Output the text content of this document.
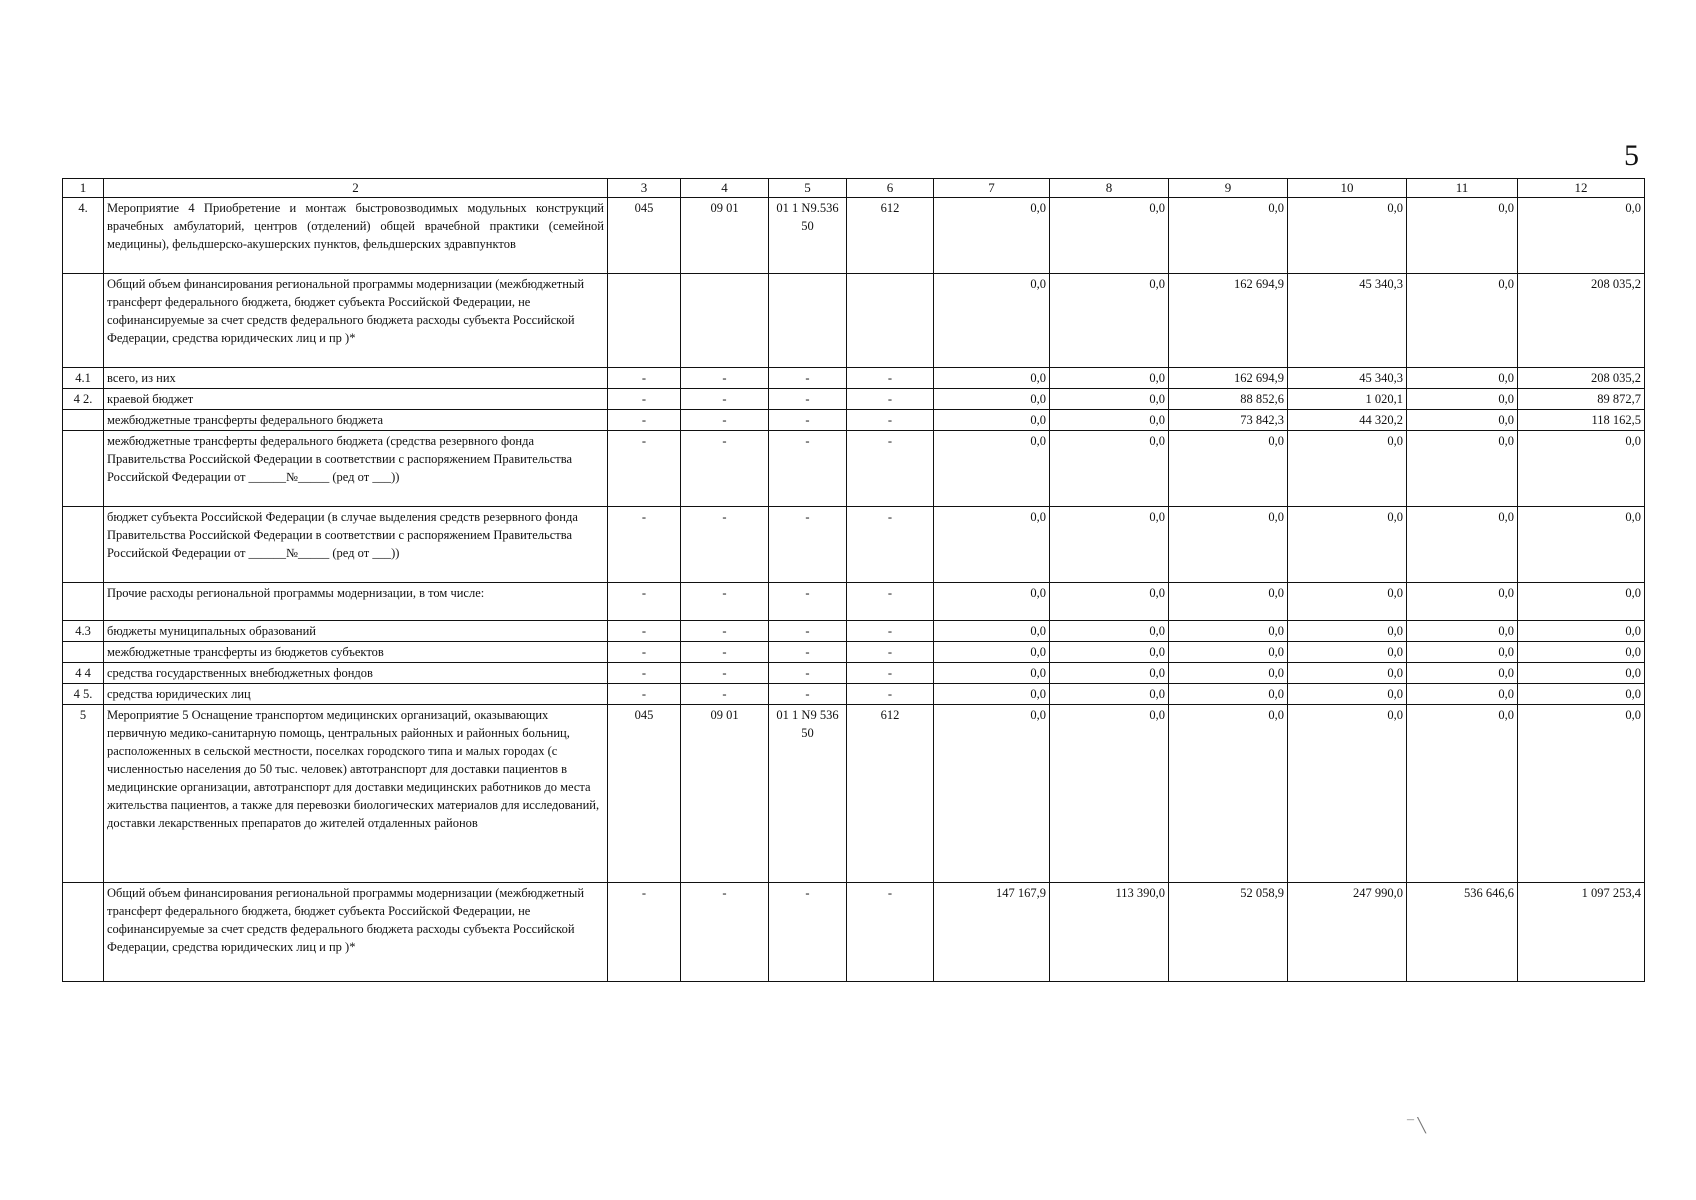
5
1	2	3	4	5	6	7	8	9	10	11	12
4.	Мероприятие 4 Приобретение и монтаж быстровозводимых модульных конструкций врачебных амбулаторий, центров (отделений) общей врачебной практики (семейной медицины), фельдшерско-акушерских пунктов, фельдшерских здравпунктов	045	09 01	01 1 N9.536 50	612	0,0	0,0	0,0	0,0	0,0	0,0
	Общий объем финансирования региональной программы модернизации (межбюджетный трансферт федерального бюджета, бюджет субъекта Российской Федерации, не софинансируемые за счет средств федерального бюджета расходы субъекта Российской Федерации, средства юридических лиц и пр )*					0,0	0,0	162 694,9	45 340,3	0,0	208 035,2
4.1	всего, из них	-	-	-	-	0,0	0,0	162 694,9	45 340,3	0,0	208 035,2
4 2.	краевой бюджет	-	-	-	-	0,0	0,0	88 852,6	1 020,1	0,0	89 872,7
	межбюджетные трансферты федерального бюджета	-	-	-	-	0,0	0,0	73 842,3	44 320,2	0,0	118 162,5
	межбюджетные трансферты федерального бюджета (средства резервного фонда Правительства Российской Федерации в соответствии с распоряжением Правительства Российской Федерации от ______№_____ (ред от ___))	-	-	-	-	0,0	0,0	0,0	0,0	0,0	0,0
	бюджет субъекта Российской Федерации (в случае выделения средств резервного фонда Правительства Российской Федерации в соответствии с распоряжением Правительства Российской Федерации от ______№_____ (ред от ___))	-	-	-	-	0,0	0,0	0,0	0,0	0,0	0,0
	Прочие расходы региональной программы модернизации, в том числе:	-	-	-	-	0,0	0,0	0,0	0,0	0,0	0,0
4.3	бюджеты муниципальных образований	-	-	-	-	0,0	0,0	0,0	0,0	0,0	0,0
	межбюджетные трансферты из бюджетов субъектов	-	-	-	-	0,0	0,0	0,0	0,0	0,0	0,0
4 4	средства государственных внебюджетных фондов	-	-	-	-	0,0	0,0	0,0	0,0	0,0	0,0
4 5.	средства юридических лиц	-	-	-	-	0,0	0,0	0,0	0,0	0,0	0,0
5	Мероприятие 5 Оснащение транспортом медицинских организаций, оказывающих первичную медико-санитарную помощь, центральных районных и районных больниц, расположенных в сельской местности, поселках городского типа и малых городах (с численностью населения до 50 тыс. человек) автотранспорт для доставки пациентов в медицинские организации, автотранспорт для доставки медицинских работников до места жительства пациентов, а также для перевозки биологических материалов для исследований, доставки лекарственных препаратов до жителей отдаленных районов	045	09 01	01 1 N9 536 50	612	0,0	0,0	0,0	0,0	0,0	0,0
	Общий объем финансирования региональной программы модернизации (межбюджетный трансферт федерального бюджета, бюджет субъекта Российской Федерации, не софинансируемые за счет средств федерального бюджета расходы субъекта Российской Федерации, средства юридических лиц и пр )*	-	-	-	-	147 167,9	113 390,0	52 058,9	247 990,0	536 646,6	1 097 253,4
¯ ╲
